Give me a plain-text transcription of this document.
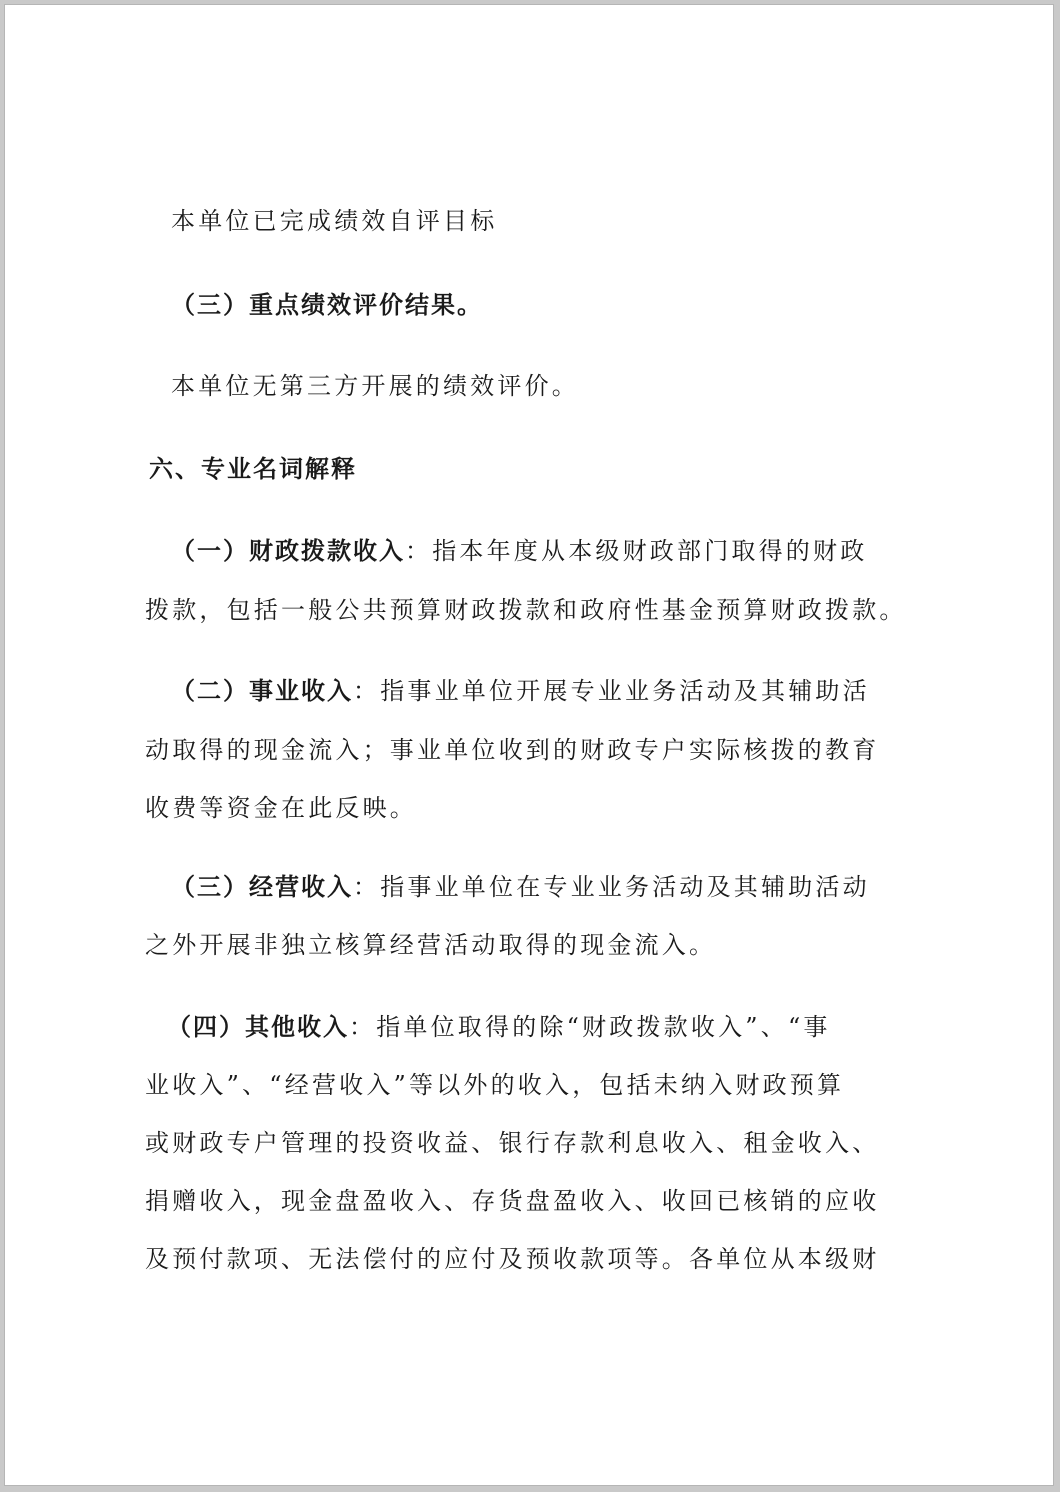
本单位已完成绩效自评目标
（三）重点绩效评价结果。
本单位无第三方开展的绩效评价。
六、专业名词解释
（一）财政拨款收入：指本年度从本级财政部门取得的财政
拨款，包括一般公共预算财政拨款和政府性基金预算财政拨款。
（二）事业收入：指事业单位开展专业业务活动及其辅助活
动取得的现金流入；事业单位收到的财政专户实际核拨的教育
收费等资金在此反映。
（三）经营收入：指事业单位在专业业务活动及其辅助活动
之外开展非独立核算经营活动取得的现金流入。
（四）其他收入：指单位取得的除“财政拨款收入”、“事
业收入”、“经营收入”等以外的收入，包括未纳入财政预算
或财政专户管理的投资收益、银行存款利息收入、租金收入、
捐赠收入，现金盘盈收入、存货盘盈收入、收回已核销的应收
及预付款项、无法偿付的应付及预收款项等。各单位从本级财
